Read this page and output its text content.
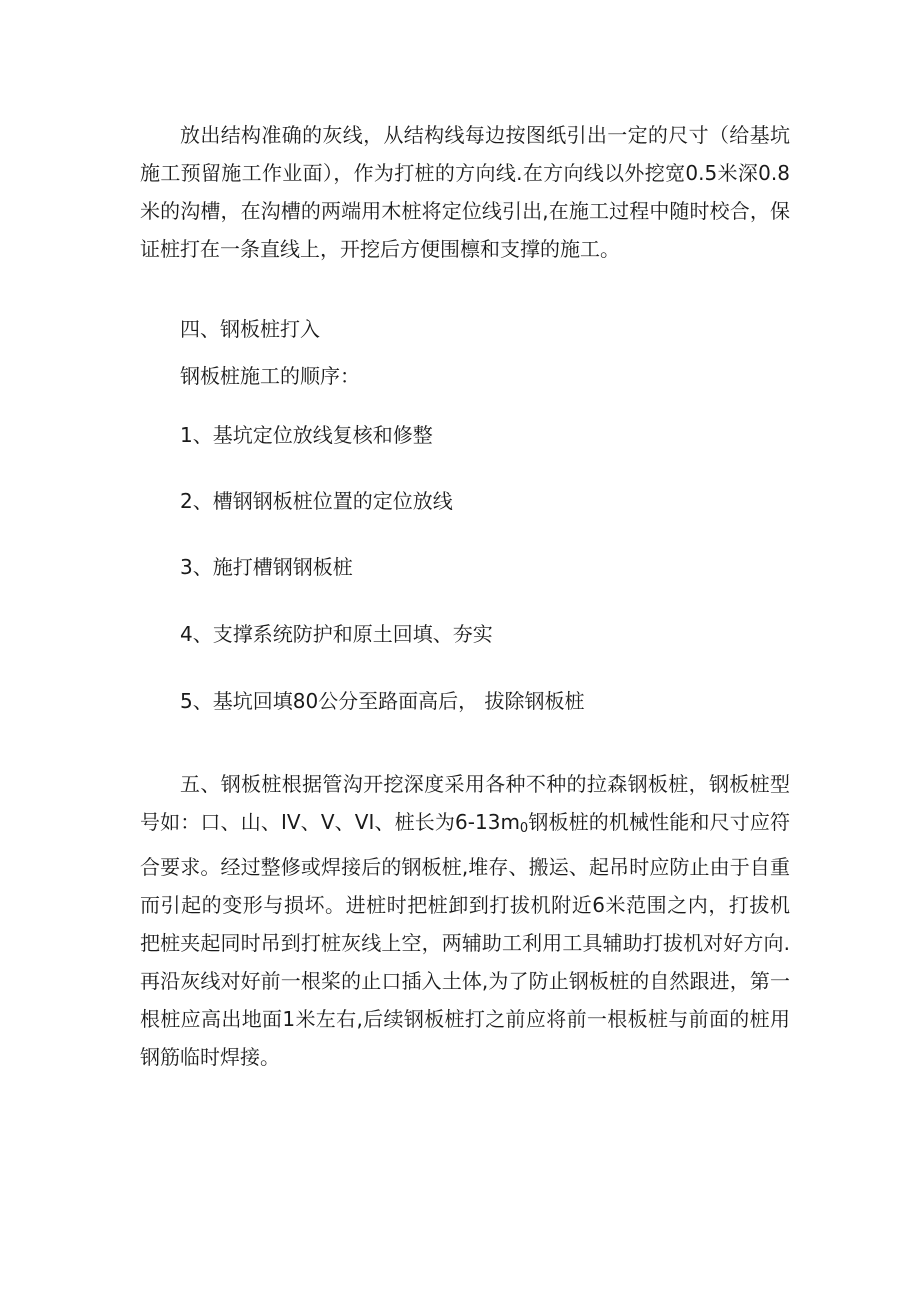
放出结构准确的灰线，从结构线每边按图纸引出一定的尺寸（给基坑施工预留施工作业面），作为打桩的方向线.在方向线以外挖宽0.5米深0.8米的沟槽，在沟槽的两端用木桩将定位线引出,在施工过程中随时校合，保证桩打在一条直线上，开挖后方便围檩和支撑的施工。

四、钢板桩打入

钢板桩施工的顺序：

1、基坑定位放线复核和修整

2、槽钢钢板桩位置的定位放线

3、施打槽钢钢板桩

4、支撑系统防护和原土回填、夯实

5、基坑回填80公分至路面高后， 拔除钢板桩

五、钢板桩根据管沟开挖深度采用各种不种的拉森钢板桩，钢板桩型号如：口、山、IV、V、VI、桩长为$6-13m_0$钢板桩的机械性能和尺寸应符合要求。经过整修或焊接后的钢板桩,堆存、搬运、起吊时应防止由于自重而引起的变形与损坏。进桩时把桩卸到打拔机附近6米范围之内，打拔机把桩夹起同时吊到打桩灰线上空，两辅助工利用工具辅助打拔机对好方向.再沿灰线对好前一根桨的止口插入土体,为了防止钢板桩的自然跟进，第一根桩应高出地面1米左右,后续钢板桩打之前应将前一根板桩与前面的桩用钢筋临时焊接。
